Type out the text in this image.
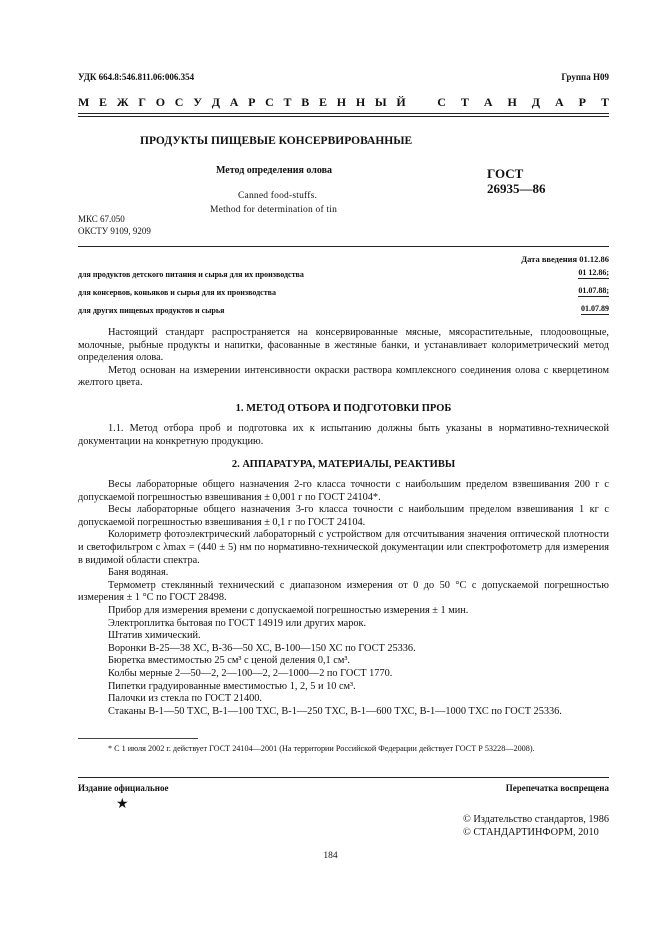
УДК 664.8:546.811.06:006.354	Группа Н09
М Е Ж Г О С У Д А Р С Т В Е Н Н Ы Й	С Т А Н Д А Р Т
ПРОДУКТЫ ПИЩЕВЫЕ КОНСЕРВИРОВАННЫЕ
Метод определения олова
Canned food-stuffs.
Method for determination of tin
ГОСТ
26935—86
МКС 67.050
ОКСТУ 9109, 9209
Дата введения 01.12.86
для продуктов детского питания и сырья для их производства	01 12.86;
для консервов, коньяков и сырья для их производства	01.07.88;
для других пищевых продуктов и сырья	01.07.89

Настоящий стандарт распространяется на консервированные мясные, мясорастительные, плодоовощные, молочные, рыбные продукты и напитки, фасованные в жестяные банки, и устанавливает колориметрический метод определения олова.

Метод основан на измерении интенсивности окраски раствора комплексного соединения олова с кверцетином желтого цвета.

1. МЕТОД ОТБОРА И ПОДГОТОВКИ ПРОБ

1.1. Метод отбора проб и подготовка их к испытанию должны быть указаны в нормативно-технической документации на конкретную продукцию.

2. АППАРАТУРА, МАТЕРИАЛЫ, РЕАКТИВЫ

Весы лабораторные общего назначения 2-го класса точности с наибольшим пределом взвешивания 200 г с допускаемой погрешностью взвешивания ± 0,001 г по ГОСТ 24104*.

Весы лабораторные общего назначения 3-го класса точности с наибольшим пределом взвешивания 1 кг с допускаемой погрешностью взвешивания ± 0,1 г по ГОСТ 24104.

Колориметр фотоэлектрический лабораторный с устройством для отсчитывания значения оптической плотности и светофильтром с λmax = (440 ± 5) нм по нормативно-технической документации или спектрофотометр для измерения в видимой области спектра.

Баня водяная.

Термометр стеклянный технический с диапазоном измерения от 0 до 50 °С с допускаемой погрешностью измерения ± 1 °С по ГОСТ 28498.

Прибор для измерения времени с допускаемой погрешностью измерения ± 1 мин.

Электроплитка бытовая по ГОСТ 14919 или других марок.

Штатив химический.

Воронки В-25—38 ХС, В-36—50 ХС, В-100—150 ХС по ГОСТ 25336.

Бюретка вместимостью 25 см³ с ценой деления 0,1 см³.

Колбы мерные 2—50—2, 2—100—2, 2—1000—2 по ГОСТ 1770.

Пипетки градуированные вместимостью 1, 2, 5 и 10 см³.

Палочки из стекла по ГОСТ 21400.

Стаканы В-1—50 ТХС, В-1—100 ТХС, В-1—250 ТХС, В-1—600 ТХС, В-1—1000 ТХС по ГОСТ 25336.

* С 1 июля 2002 г. действует ГОСТ 24104—2001 (На территории Российской Федерации действует ГОСТ Р 53228—2008).
Издание официальное	Перепечатка воспрещена
★
© Издательство стандартов, 1986
© СТАНДАРТИНФОРМ, 2010
184
